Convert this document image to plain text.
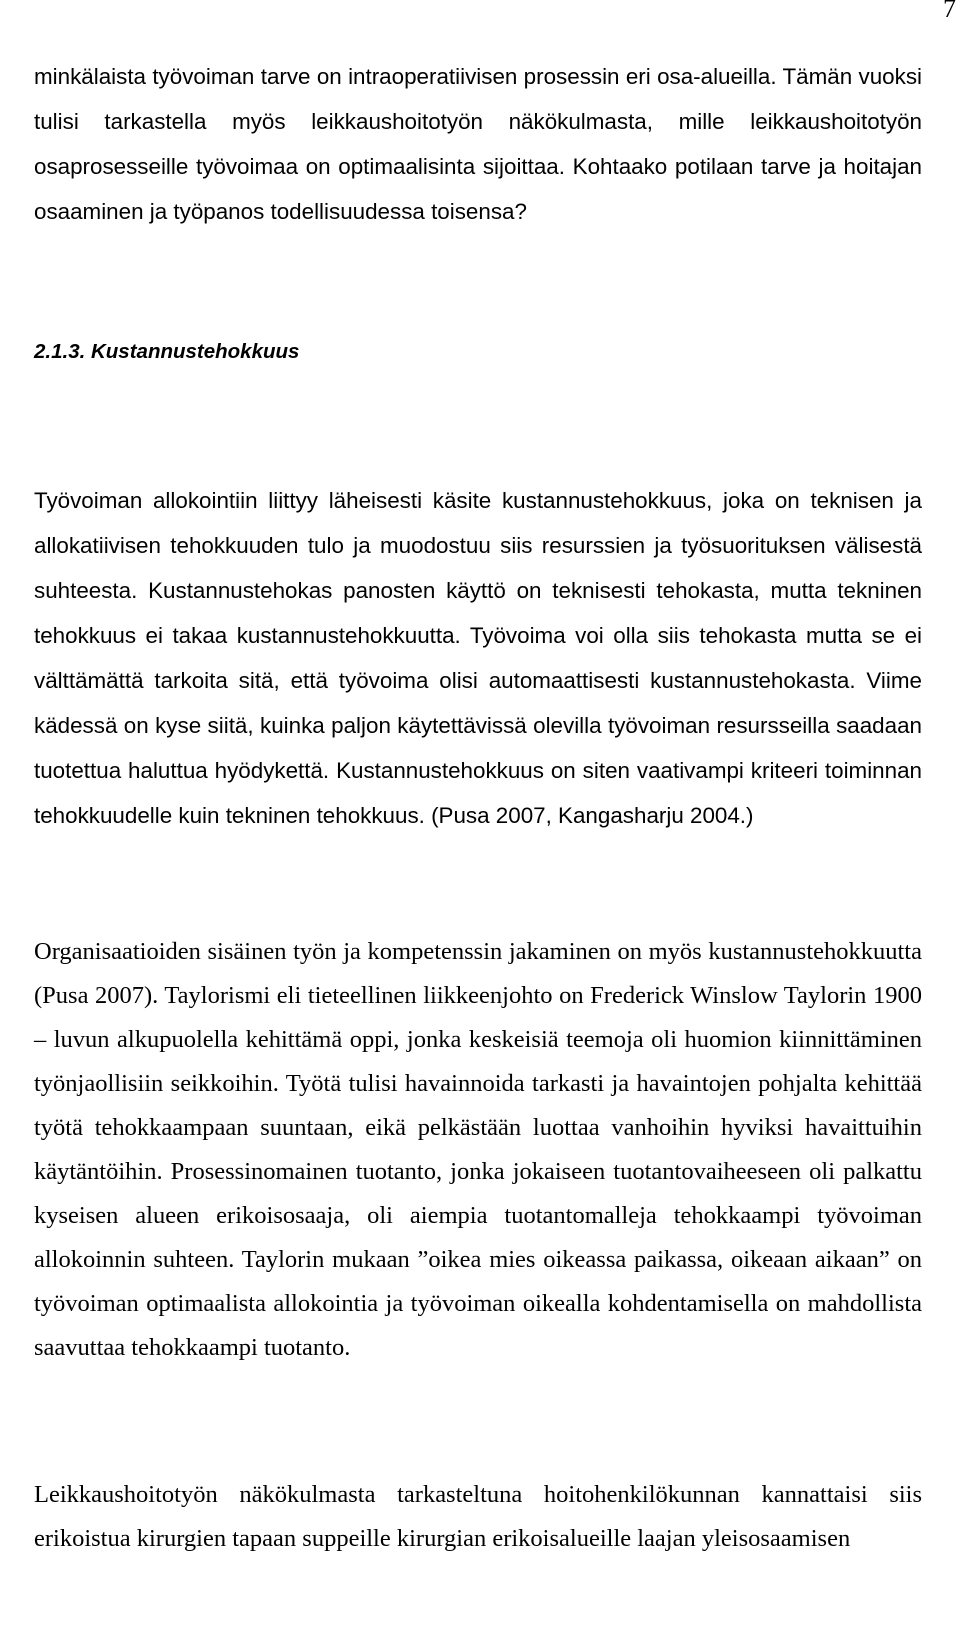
7

minkälaista työvoiman tarve on intraoperatiivisen prosessin eri osa-alueilla. Tämän vuoksi tulisi tarkastella myös leikkaushoitotyön näkökulmasta, mille leikkaushoitotyön osaprosesseille työvoimaa on optimaalisinta sijoittaa. Kohtaako potilaan tarve ja hoitajan osaaminen ja työpanos todellisuudessa toisensa?

2.1.3. Kustannustehokkuus

Työvoiman allokointiin liittyy läheisesti käsite kustannustehokkuus, joka on teknisen ja allokatiivisen tehokkuuden tulo ja muodostuu siis resurssien ja työsuorituksen välisestä suhteesta. Kustannustehokas panosten käyttö on teknisesti tehokasta, mutta tekninen tehokkuus ei takaa kustannustehokkuutta. Työvoima voi olla siis tehokasta mutta se ei välttämättä tarkoita sitä, että työvoima olisi automaattisesti kustannustehokasta. Viime kädessä on kyse siitä, kuinka paljon käytettävissä olevilla työvoiman resursseilla saadaan tuotettua haluttua hyödykettä. Kustannustehokkuus on siten vaativampi kriteeri toiminnan tehokkuudelle kuin tekninen tehokkuus. (Pusa 2007, Kangasharju 2004.)

Organisaatioiden sisäinen työn ja kompetenssin jakaminen on myös kustannustehokkuutta (Pusa 2007). Taylorismi eli tieteellinen liikkeenjohto on Frederick Winslow Taylorin 1900 – luvun alkupuolella kehittämä oppi, jonka keskeisiä teemoja oli huomion kiinnittäminen työnjaollisiin seikkoihin. Työtä tulisi havainnoida tarkasti ja havaintojen pohjalta kehittää työtä tehokkaampaan suuntaan, eikä pelkästään luottaa vanhoihin hyviksi havaittuihin käytäntöihin. Prosessinomainen tuotanto, jonka jokaiseen tuotantovaiheeseen oli palkattu kyseisen alueen erikoisosaaja, oli aiempia tuotantomalleja tehokkaampi työvoiman allokoinnin suhteen. Taylorin mukaan ”oikea mies oikeassa paikassa, oikeaan aikaan” on työvoiman optimaalista allokointia ja työvoiman oikealla kohdentamisella on mahdollista saavuttaa tehokkaampi tuotanto.

Leikkaushoitotyön näkökulmasta tarkasteltuna hoitohenkilökunnan kannattaisi siis erikoistua kirurgien tapaan suppeille kirurgian erikoisalueille laajan yleisosaamisen
